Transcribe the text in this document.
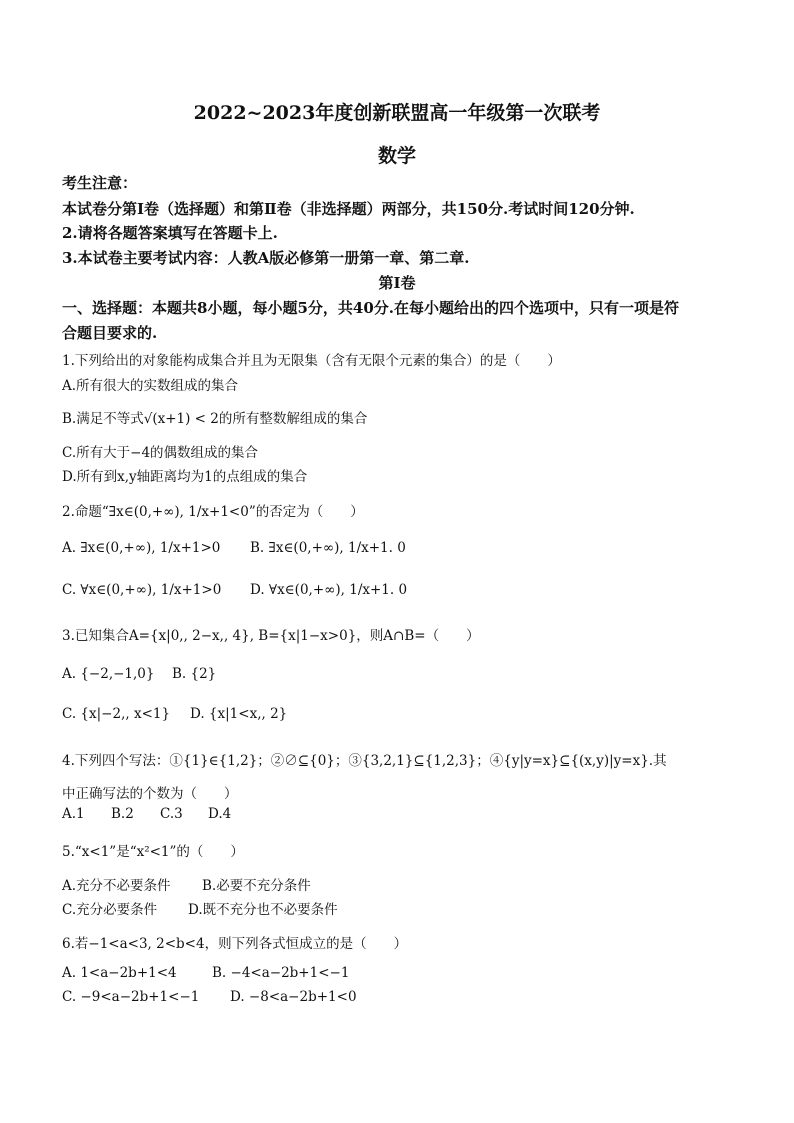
2022~2023年度创新联盟高一年级第一次联考
数学
考生注意：
本试卷分第Ⅰ卷（选择题）和第Ⅱ卷（非选择题）两部分，共150分.考试时间120分钟.
2.请将各题答案填写在答题卡上.
3.本试卷主要考试内容：人教A版必修第一册第一章、第二章.
第Ⅰ卷
一、选择题：本题共8小题，每小题5分，共40分.在每小题给出的四个选项中，只有一项是符
合题目要求的.
1.下列给出的对象能构成集合并且为无限集（含有无限个元素的集合）的是（　　）
A.所有很大的实数组成的集合
B.满足不等式√(x+1) < 2的所有整数解组成的集合
C.所有大于−4的偶数组成的集合
D.所有到x,y轴距离均为1的点组成的集合
2.命题“∃x∈(0,+∞), 1/x+1<0”的否定为（　　）
A. ∃x∈(0,+∞), 1/x+1>0 B. ∃x∈(0,+∞), 1/x+1. 0
C. ∀x∈(0,+∞), 1/x+1>0 D. ∀x∈(0,+∞), 1/x+1. 0
3.已知集合A={x|0,, 2−x,, 4}, B={x|1−x>0}，则A∩B=（　　）
A. {−2,−1,0} B. {2}
C. {x|−2,, x<1} D. {x|1<x,, 2}
4.下列四个写法：①{1}∈{1,2}；②∅⊆{0}；③{3,2,1}⊆{1,2,3}；④{y|y=x}⊆{(x,y)|y=x}.其
中正确写法的个数为（　　）
A.1 B.2 C.3 D.4
5.“x<1”是“x²<1”的（　　）
A.充分不必要条件 B.必要不充分条件
C.充分必要条件 D.既不充分也不必要条件
6.若−1<a<3, 2<b<4，则下列各式恒成立的是（　　）
A. 1<a−2b+1<4	B. −4<a−2b+1<−1
C. −9<a−2b+1<−1 D. −8<a−2b+1<0
